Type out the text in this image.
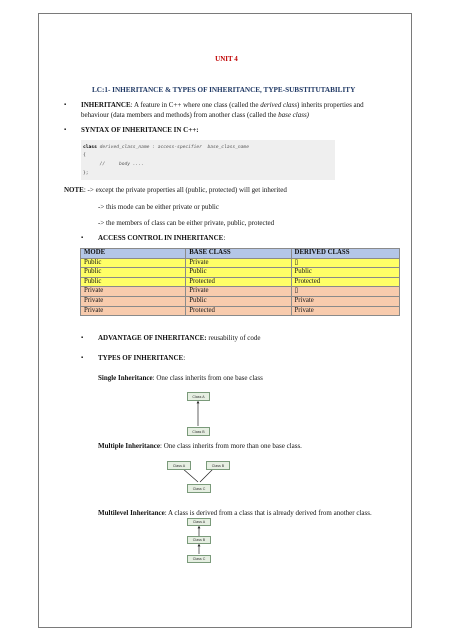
UNIT 4
LC:1- INHERITANCE & TYPES OF INHERITANCE, TYPE-SUBSTITUTABILITY
▪ INHERITANCE: A feature in C++ where one class (called the derived class) inherits properties and
behaviour (data members and methods) from another class (called the base class)
▪ SYNTAX OF INHERITANCE IN C++:
class derived_class_name : access-specifier  base_class_name
{
//     body ....
};
NOTE: -> except the private properties all (public, protected) will get inherited
-> this mode can be either private or public
-> the members of class can be either private, public, protected
▪ ACCESS CONTROL IN INHERITANCE:
MODE	BASE CLASS	DERIVED CLASS
Public	Private	▯
Public	Public	Public
Public	Protected	Protected
Private	Private	▯
Private	Public	Private
Private	Protected	Private
▪ ADVANTAGE OF INHERITANCE: reusability of code
▪ TYPES OF INHERITANCE:
Single Inheritance: One class inherits from one base class
Multiple Inheritance: One class inherits from more than one base class.
Multilevel Inheritance: A class is derived from a class that is already derived from another class.
Class A
Class B
Class A	Class B
Class C
Class A
Class B
Class C
